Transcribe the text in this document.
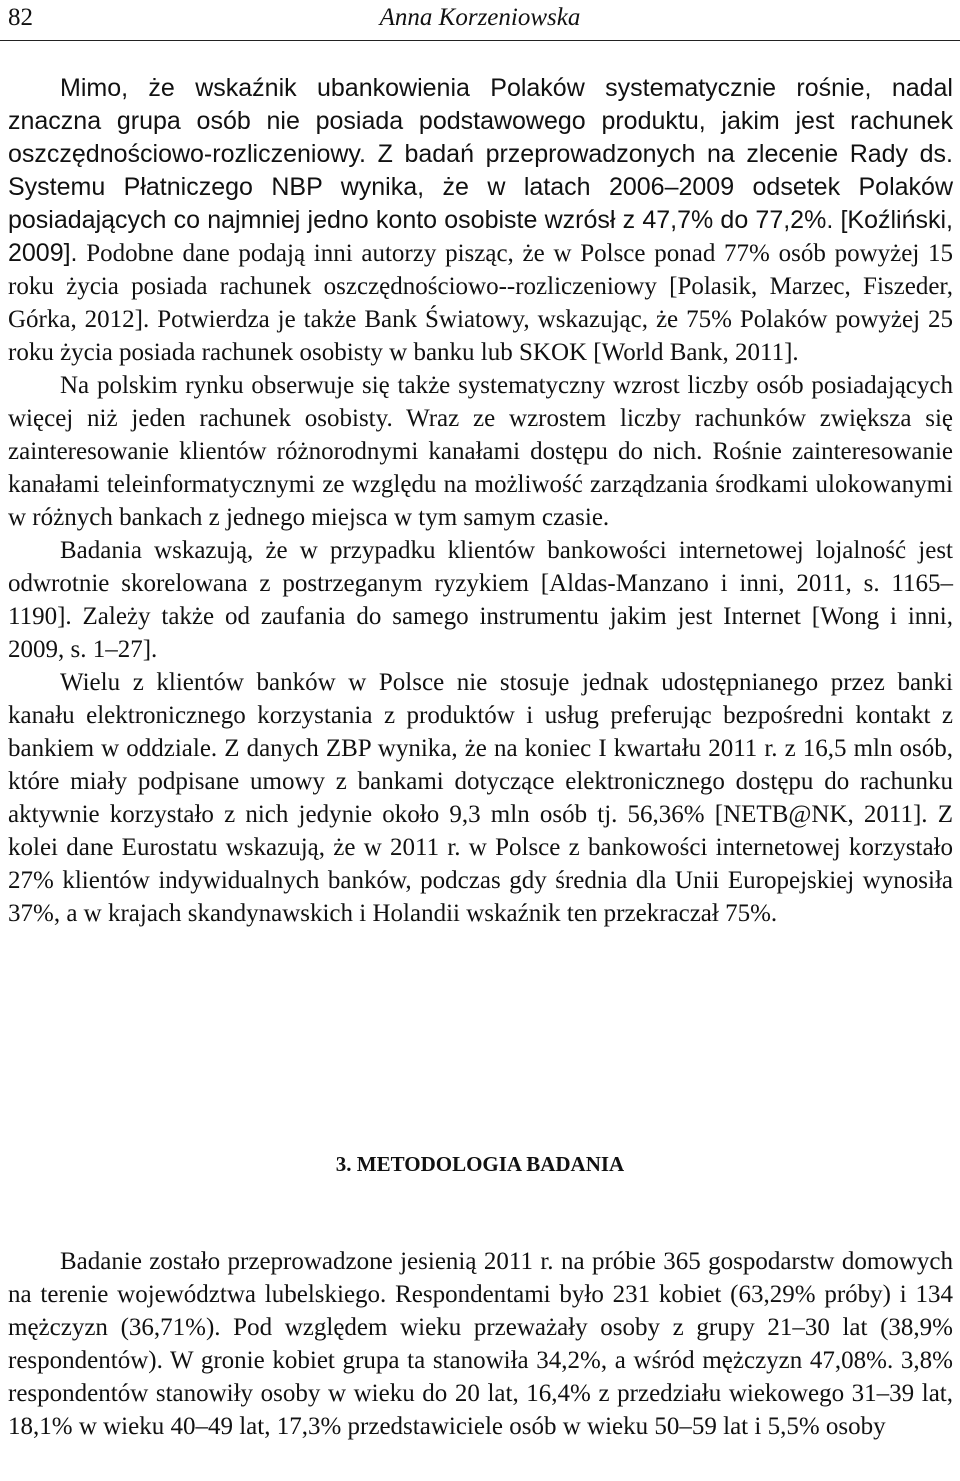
82	Anna Korzeniowska

Mimo, że wskaźnik ubankowienia Polaków systematycznie rośnie, nadal znaczna grupa osób nie posiada podstawowego produktu, jakim jest rachunek oszczędnościowo-rozliczeniowy. Z badań przeprowadzonych na zlecenie Rady ds. Systemu Płatniczego NBP wynika, że w latach 2006–2009 odsetek Polaków posiadających co najmniej jedno konto osobiste wzrósł z 47,7% do 77,2%. [Koźliński, 2009]. Podobne dane podają inni autorzy pisząc, że w Polsce ponad 77% osób powyżej 15 roku życia posiada rachunek oszczędnościowo--rozliczeniowy [Polasik, Marzec, Fiszeder, Górka, 2012]. Potwierdza je także Bank Światowy, wskazując, że 75% Polaków powyżej 25 roku życia posiada rachunek osobisty w banku lub SKOK [World Bank, 2011].

Na polskim rynku obserwuje się także systematyczny wzrost liczby osób posiadających więcej niż jeden rachunek osobisty. Wraz ze wzrostem liczby rachunków zwiększa się zainteresowanie klientów różnorodnymi kanałami dostępu do nich. Rośnie zainteresowanie kanałami teleinformatycznymi ze względu na możliwość zarządzania środkami ulokowanymi w różnych bankach z jednego miejsca w tym samym czasie.

Badania wskazują, że w przypadku klientów bankowości internetowej lojalność jest odwrotnie skorelowana z postrzeganym ryzykiem [Aldas-Manzano i inni, 2011, s. 1165–1190]. Zależy także od zaufania do samego instrumentu jakim jest Internet [Wong i inni, 2009, s. 1–27].

Wielu z klientów banków w Polsce nie stosuje jednak udostępnianego przez banki kanału elektronicznego korzystania z produktów i usług preferując bezpośredni kontakt z bankiem w oddziale. Z danych ZBP wynika, że na koniec I kwartału 2011 r. z 16,5 mln osób, które miały podpisane umowy z bankami dotyczące elektronicznego dostępu do rachunku aktywnie korzystało z nich jedynie około 9,3 mln osób tj. 56,36% [NETB@NK, 2011]. Z kolei dane Eurostatu wskazują, że w 2011 r. w Polsce z bankowości internetowej korzystało 27% klientów indywidualnych banków, podczas gdy średnia dla Unii Europejskiej wynosiła 37%, a w krajach skandynawskich i Holandii wskaźnik ten przekraczał 75%.

3. METODOLOGIA BADANIA

Badanie zostało przeprowadzone jesienią 2011 r. na próbie 365 gospodarstw domowych na terenie województwa lubelskiego. Respondentami było 231 kobiet (63,29% próby) i 134 mężczyzn (36,71%). Pod względem wieku przeważały osoby z grupy 21–30 lat (38,9% respondentów). W gronie kobiet grupa ta stanowiła 34,2%, a wśród mężczyzn 47,08%. 3,8% respondentów stanowiły osoby w wieku do 20 lat, 16,4% z przedziału wiekowego 31–39 lat, 18,1% w wieku 40–49 lat, 17,3% przedstawiciele osób w wieku 50–59 lat i 5,5% osoby
